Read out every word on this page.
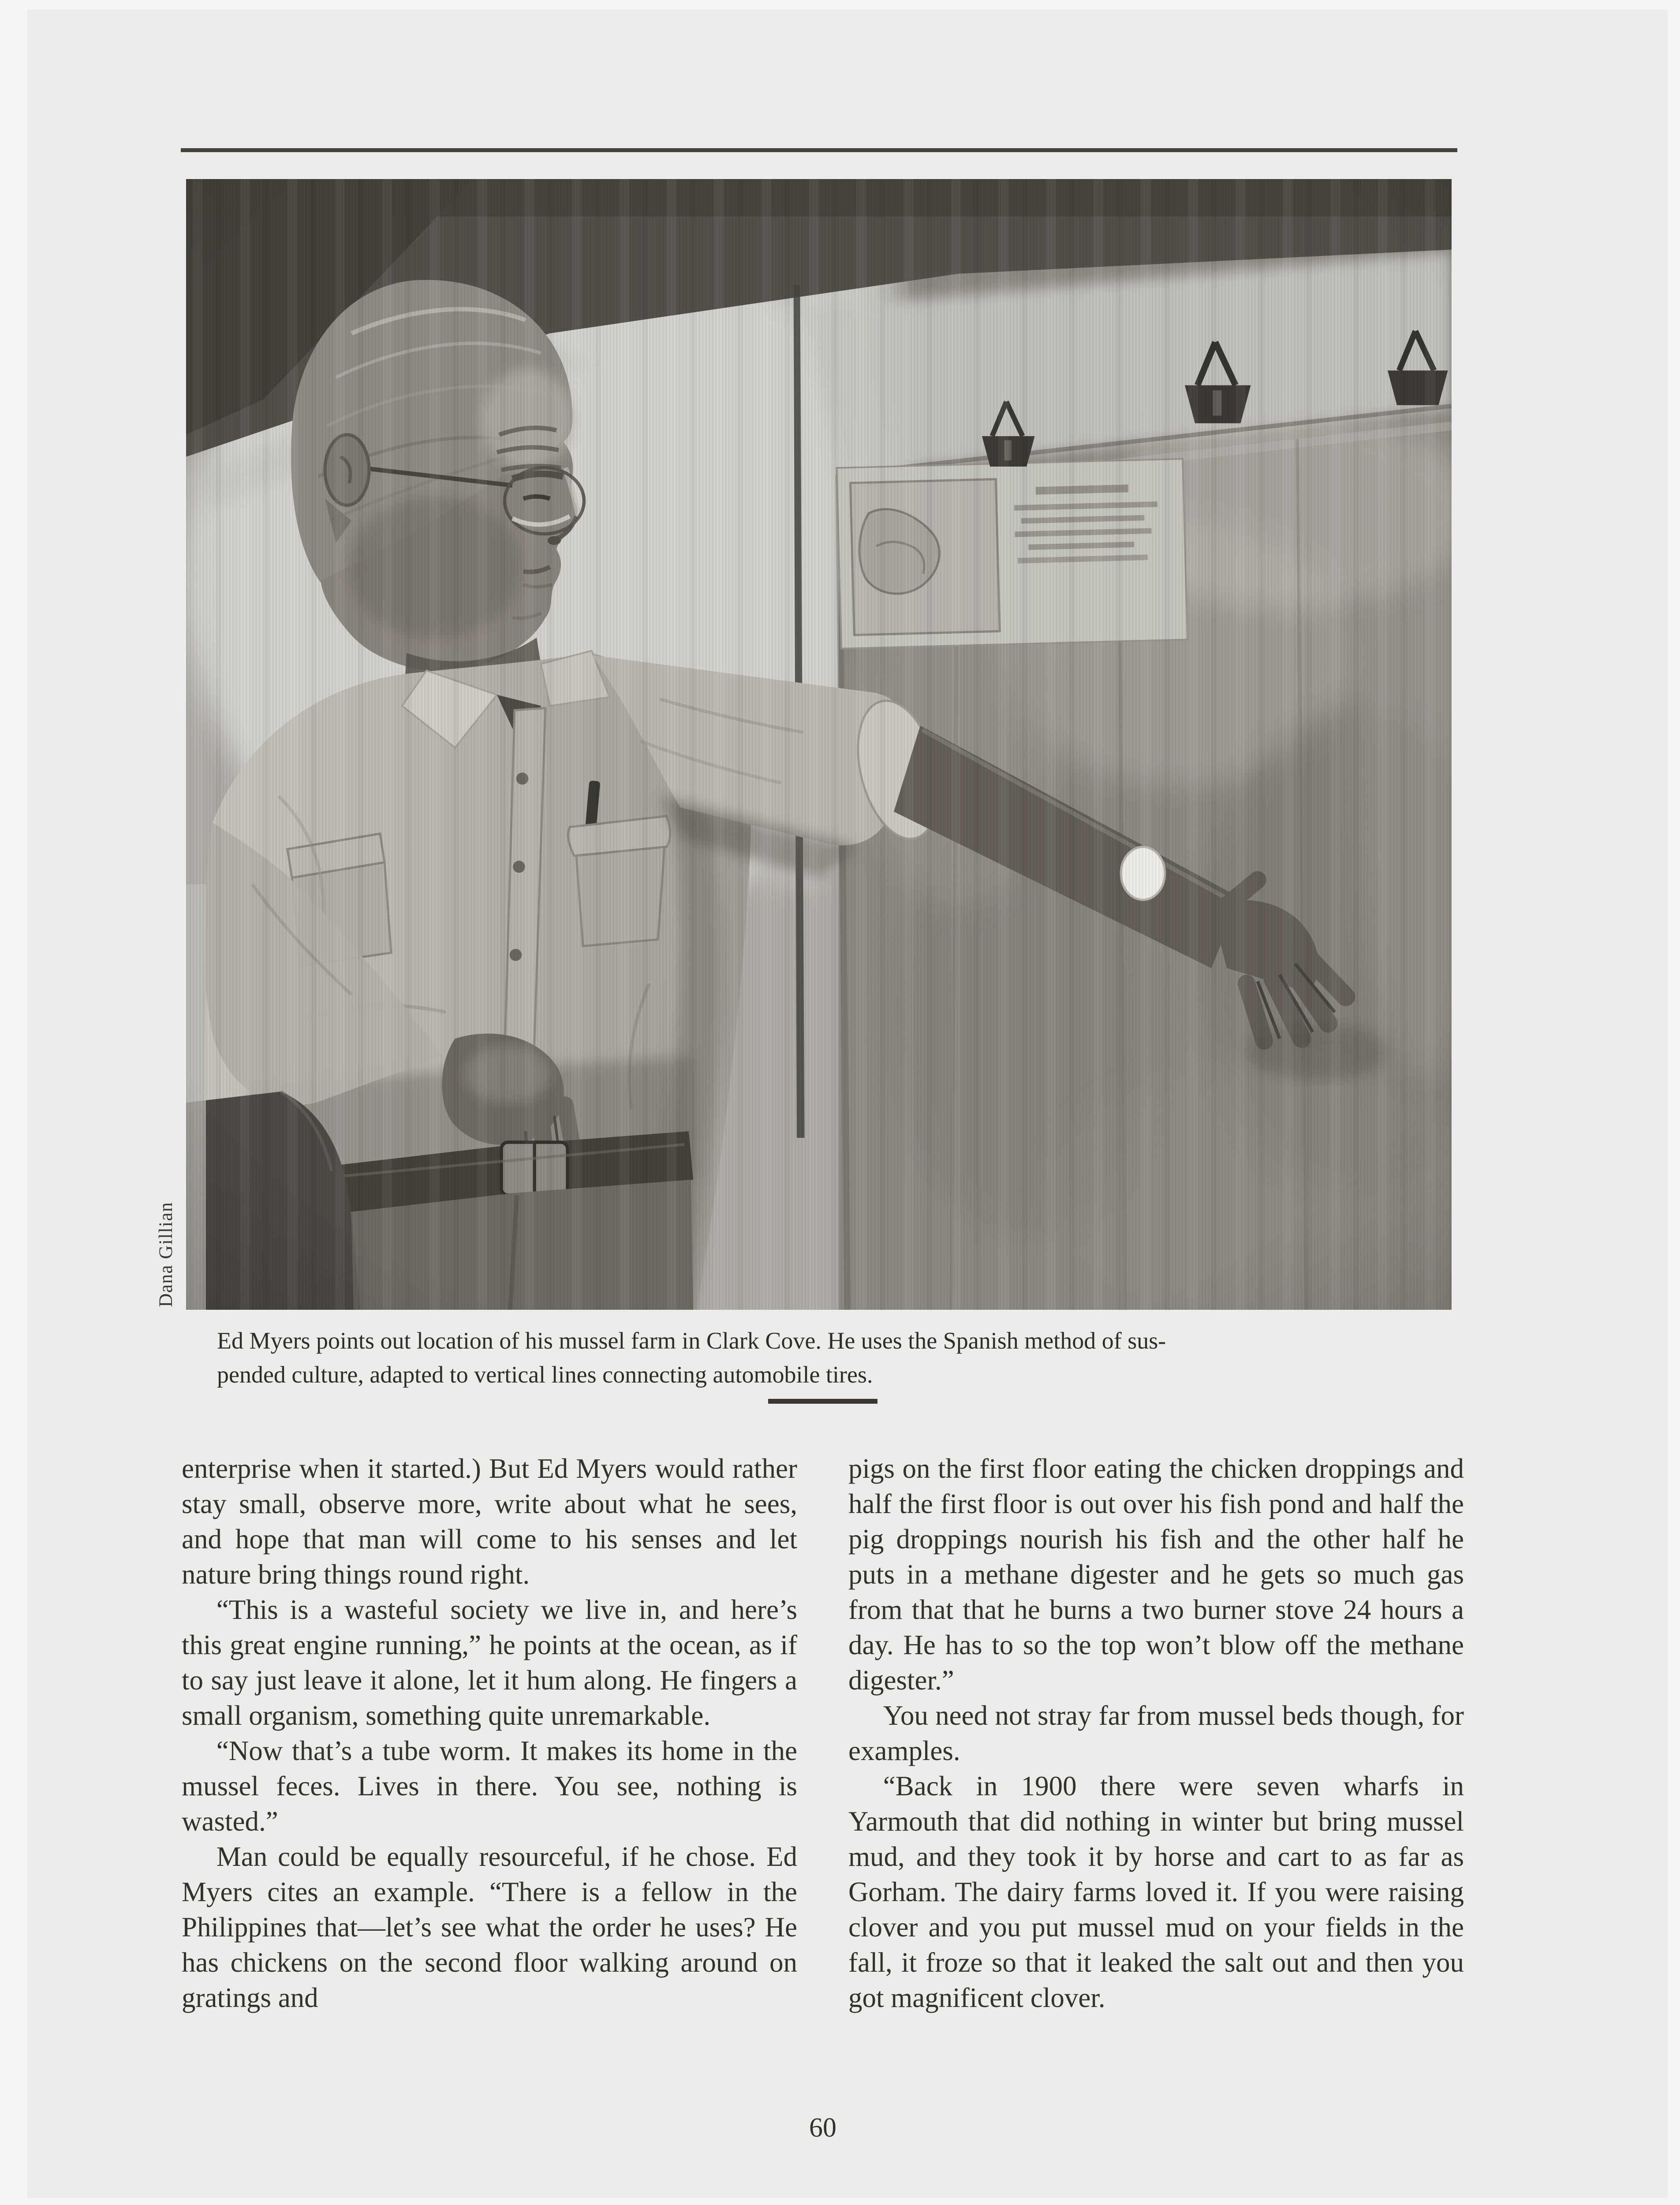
Dana Gillian
Ed Myers points out location of his mussel farm in Clark Cove. He uses the Spanish method of sus-
pended culture, adapted to vertical lines connecting automobile tires.

enterprise when it started.) But Ed Myers would rather stay small, observe more, write about what he sees, and hope that man will come to his senses and let nature bring things round right.

“This is a wasteful society we live in, and here’s this great engine running,” he points at the ocean, as if to say just leave it alone, let it hum along. He fingers a small organism, something quite unremarkable.

“Now that’s a tube worm. It makes its home in the mussel feces. Lives in there. You see, nothing is wasted.”

Man could be equally resourceful, if he chose. Ed Myers cites an example. “There is a fellow in the Philippines that—let’s see what the order he uses? He has chickens on the second floor walking around on gratings and

pigs on the first floor eating the chicken droppings and half the first floor is out over his fish pond and half the pig droppings nourish his fish and the other half he puts in a methane digester and he gets so much gas from that that he burns a two burner stove 24 hours a day. He has to so the top won’t blow off the methane digester.”

You need not stray far from mussel beds though, for examples.

“Back in 1900 there were seven wharfs in Yarmouth that did nothing in winter but bring mussel mud, and they took it by horse and cart to as far as Gorham. The dairy farms loved it. If you were raising clover and you put mussel mud on your fields in the fall, it froze so that it leaked the salt out and then you got magnificent clover.

60
